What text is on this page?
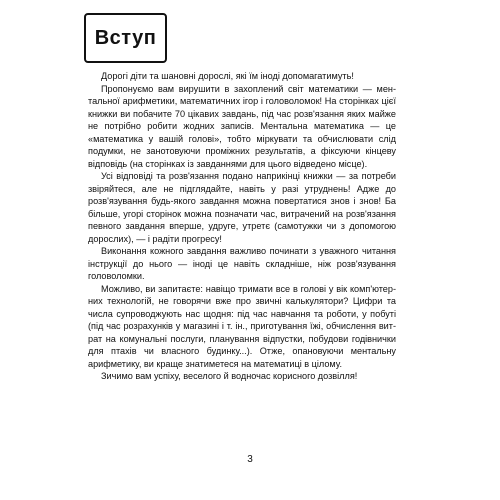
Вступ

Дорогі діти та шановні дорослі, які їм іноді допомагатимуть!

Пропонуємо вам вирушити в захоплений світ математики — ментальної арифметики, математичних ігор і головоломок! На сторінках цієї книжки ви побачите 70 цікавих завдань, під час розв'язання яких майже не потрібно робити жодних записів. Ментальна математика — це «математика у вашій голові», тобто міркувати та обчислювати слід подумки, не занотовуючи проміжних результатів, а фіксуючи кінцеву відповідь (на сторінках із завданнями для цього відведено місце).

Усі відповіді та розв'язання подано наприкінці книжки — за потреби звіряйтеся, але не підглядайте, навіть у разі утруднень! Адже до розв'язування будь-якого завдання можна повертатися знов і знов! Ба більше, угорі сторінок можна позначати час, витрачений на розв'язання певного завдання вперше, удруге, утретє (самотужки чи з допомогою дорослих), — і радіти прогресу!

Виконання кожного завдання важливо починати з уважного читання інструкції до нього — іноді це навіть складніше, ніж розв'язування головоломки.

Можливо, ви запитаєте: навіщо тримати все в голові у вік комп'ютерних технологій, не говорячи вже про звичні калькулятори? Цифри та числа супроводжують нас щодня: під час навчання та роботи, у побуті (під час розрахунків у магазині і т. ін., приготування їжі, обчислення витрат на комунальні послуги, планування відпустки, побудови годівнички для птахів чи власного будинку...). Отже, опановуючи ментальну арифметику, ви краще знатиметеся на математиці в цілому.

Зичимо вам успіху, веселого й водночас корисного дозвілля!

3
